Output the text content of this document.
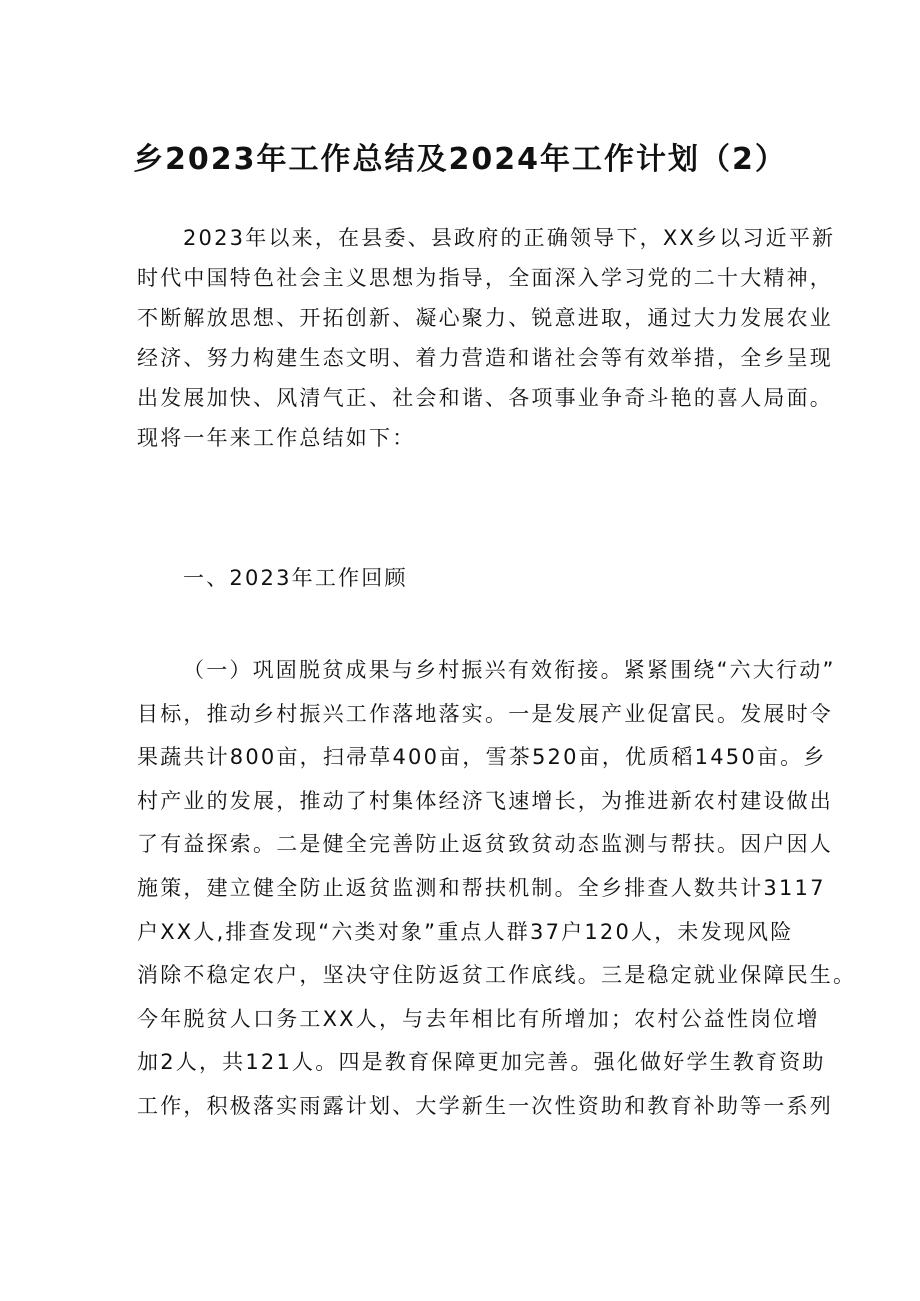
乡2023年工作总结及2024年工作计划（2）
2023年以来，在县委、县政府的正确领导下，XX乡以习近平新
时代中国特色社会主义思想为指导，全面深入学习党的二十大精神，
不断解放思想、开拓创新、凝心聚力、锐意进取，通过大力发展农业
经济、努力构建生态文明、着力营造和谐社会等有效举措，全乡呈现
出发展加快、风清气正、社会和谐、各项事业争奇斗艳的喜人局面。
现将一年来工作总结如下：
一、2023年工作回顾
（一）巩固脱贫成果与乡村振兴有效衔接。紧紧围绕“六大行动”
目标，推动乡村振兴工作落地落实。一是发展产业促富民。发展时令
果蔬共计800亩，扫帚草400亩，雪茶520亩，优质稻1450亩。乡
村产业的发展，推动了村集体经济飞速增长，为推进新农村建设做出
了有益探索。二是健全完善防止返贫致贫动态监测与帮扶。因户因人
施策，建立健全防止返贫监测和帮扶机制。全乡排查人数共计3117
户XX人,排查发现“六类对象”重点人群37户120人，未发现风险
消除不稳定农户，坚决守住防返贫工作底线。三是稳定就业保障民生。
今年脱贫人口务工XX人，与去年相比有所增加；农村公益性岗位增
加2人，共121人。四是教育保障更加完善。强化做好学生教育资助
工作，积极落实雨露计划、大学新生一次性资助和教育补助等一系列
